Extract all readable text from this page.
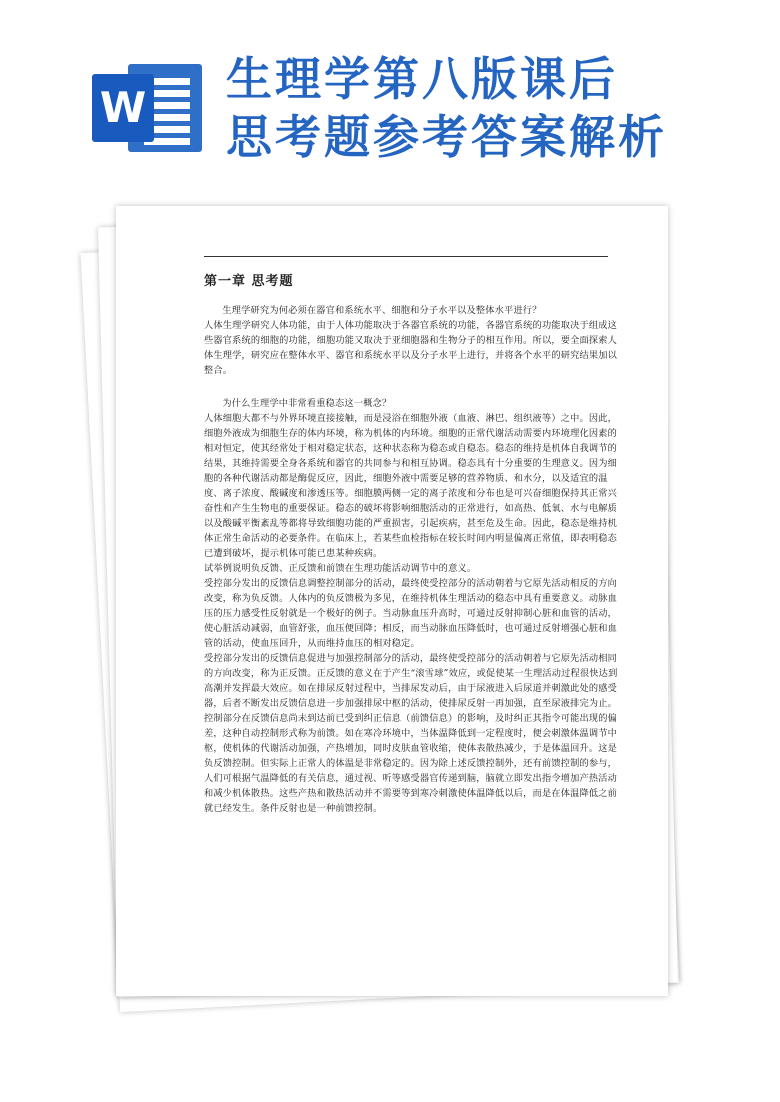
W
生理学第八版课后
思考题参考答案解析
第一章 思考题

生理学研究为何必须在器官和系统水平、细胞和分子水平以及整体水平进行？

人体生理学研究人体功能，由于人体功能取决于各器官系统的功能，各器官系统的功能取决于组成这些器官系统的细胞的功能，细胞功能又取决于亚细胞器和生物分子的相互作用。所以，要全面探索人体生理学，研究应在整体水平、器官和系统水平以及分子水平上进行，并将各个水平的研究结果加以整合。

为什么生理学中非常看重稳态这一概念？

人体细胞大都不与外界环境直接接触，而是浸浴在细胞外液（血液、淋巴、组织液等）之中。因此，细胞外液成为细胞生存的体内环境，称为机体的内环境。细胞的正常代谢活动需要内环境理化因素的相对恒定，使其经常处于相对稳定状态，这种状态称为稳态或自稳态。稳态的维持是机体自我调节的结果，其维持需要全身各系统和器官的共同参与和相互协调。稳态具有十分重要的生理意义。因为细胞的各种代谢活动都是酶促反应，因此，细胞外液中需要足够的营养物质、和水分，以及适宜的温度、离子浓度、酸碱度和渗透压等。细胞膜两侧一定的离子浓度和分布也是可兴奋细胞保持其正常兴奋性和产生生物电的重要保证。稳态的破坏将影响细胞活动的正常进行，如高热、低氧、水与电解质以及酸碱平衡紊乱等都将导致细胞功能的严重损害，引起疾病，甚至危及生命。因此，稳态是维持机体正常生命活动的必要条件。在临床上，若某些血检指标在较长时间内明显偏离正常值，即表明稳态已遭到破坏，提示机体可能已患某种疾病。

试举例说明负反馈、正反馈和前馈在生理功能活动调节中的意义。

受控部分发出的反馈信息调整控制部分的活动，最终使受控部分的活动朝着与它原先活动相反的方向改变，称为负反馈。人体内的负反馈极为多见，在维持机体生理活动的稳态中具有重要意义。动脉血压的压力感受性反射就是一个极好的例子。当动脉血压升高时，可通过反射抑制心脏和血管的活动，使心脏活动减弱，血管舒张，血压便回降；相反，而当动脉血压降低时，也可通过反射增强心脏和血管的活动，使血压回升，从而维持血压的相对稳定。

受控部分发出的反馈信息促进与加强控制部分的活动，最终使受控部分的活动朝着与它原先活动相同的方向改变，称为正反馈。正反馈的意义在于产生“滚雪球”效应，或促使某一生理活动过程很快达到高潮并发挥最大效应。如在排尿反射过程中，当排尿发动后，由于尿液进入后尿道并刺激此处的感受器，后者不断发出反馈信息进一步加强排尿中枢的活动，使排尿反射一再加强，直至尿液排完为止。控制部分在反馈信息尚未到达前已受到纠正信息（前馈信息）的影响，及时纠正其指令可能出现的偏差，这种自动控制形式称为前馈。如在寒冷环境中，当体温降低到一定程度时，便会刺激体温调节中枢，使机体的代谢活动加强，产热增加，同时皮肤血管收缩，使体表散热减少，于是体温回升。这是负反馈控制。但实际上正常人的体温是非常稳定的。因为除上述反馈控制外，还有前馈控制的参与，人们可根据气温降低的有关信息，通过视、听等感受器官传递到脑，脑就立即发出指令增加产热活动和减少机体散热。这些产热和散热活动并不需要等到寒冷刺激使体温降低以后，而是在体温降低之前就已经发生。条件反射也是一种前馈控制。
